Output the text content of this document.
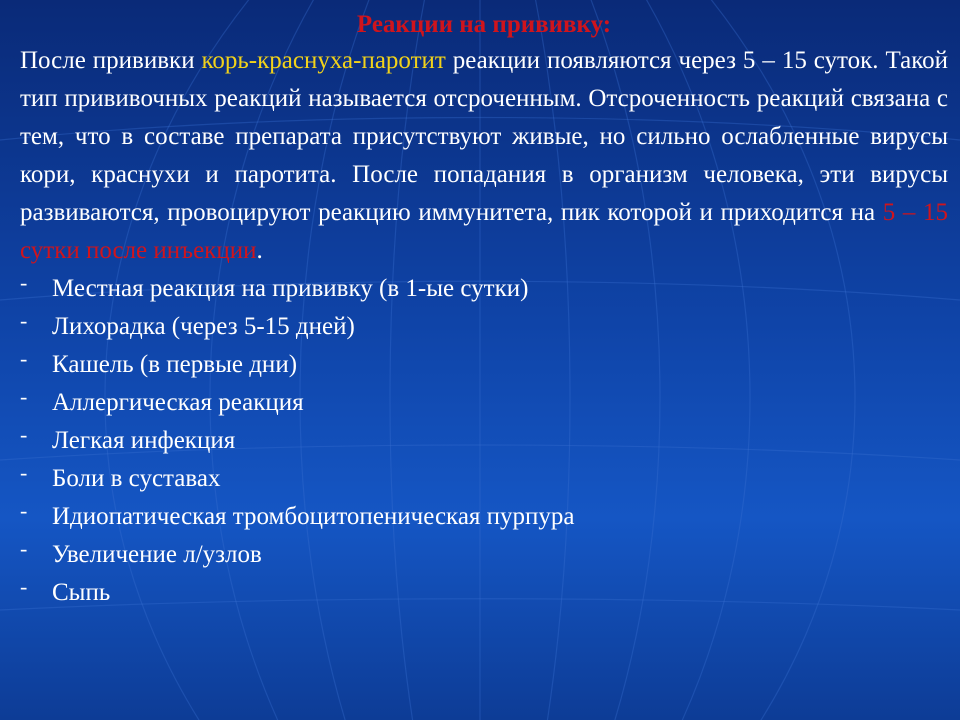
Реакции на прививку:

После прививки корь-краснуха-паротит реакции появляются через 5 – 15 суток. Такой тип прививочных реакций называется отсроченным. Отсроченность реакций связана с тем, что в составе препарата присутствуют живые, но сильно ослабленные вирусы кори, краснухи и паротита. После попадания в организм человека, эти вирусы развиваются, провоцируют реакцию иммунитета, пик которой и приходится на 5 – 15 сутки после инъекции.

- Местная реакция на прививку (в 1-ые сутки)
- Лихорадка (через 5-15 дней)
- Кашель (в первые дни)
- Аллергическая реакция
- Легкая инфекция
- Боли в суставах
- Идиопатическая тромбоцитопеническая пурпура
- Увеличение л/узлов
- Сыпь
